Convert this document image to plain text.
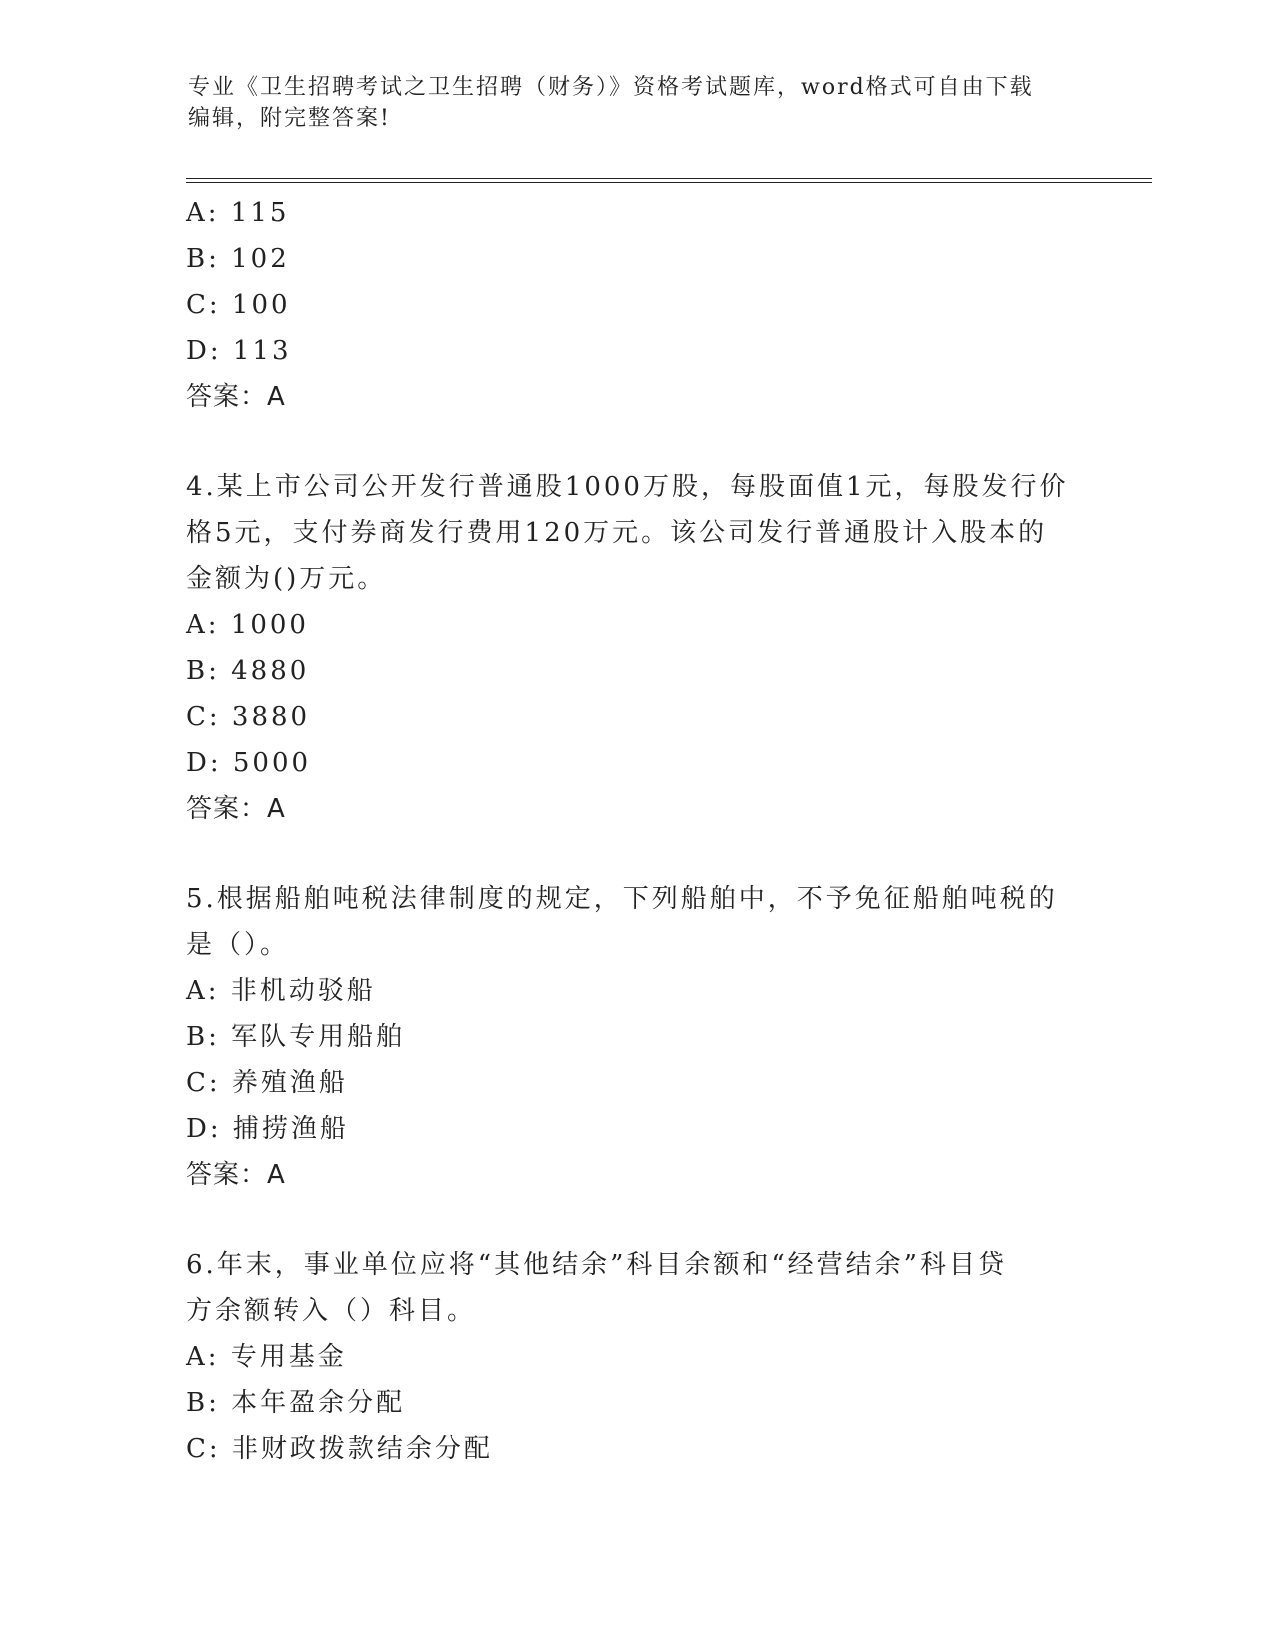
专业《卫生招聘考试之卫生招聘（财务）》资格考试题库，word格式可自由下载
编辑，附完整答案!
A: 115
B: 102
C: 100
D: 113
答案：A
4.某上市公司公开发行普通股1000万股，每股面值1元，每股发行价
格5元，支付券商发行费用120万元。该公司发行普通股计入股本的
金额为()万元。
A: 1000
B: 4880
C: 3880
D: 5000
答案：A
5.根据船舶吨税法律制度的规定，下列船舶中，不予免征船舶吨税的
是（）。
A: 非机动驳船
B: 军队专用船舶
C: 养殖渔船
D: 捕捞渔船
答案：A
6.年末，事业单位应将“其他结余”科目余额和“经营结余”科目贷
方余额转入（）科目。
A: 专用基金
B: 本年盈余分配
C: 非财政拨款结余分配
